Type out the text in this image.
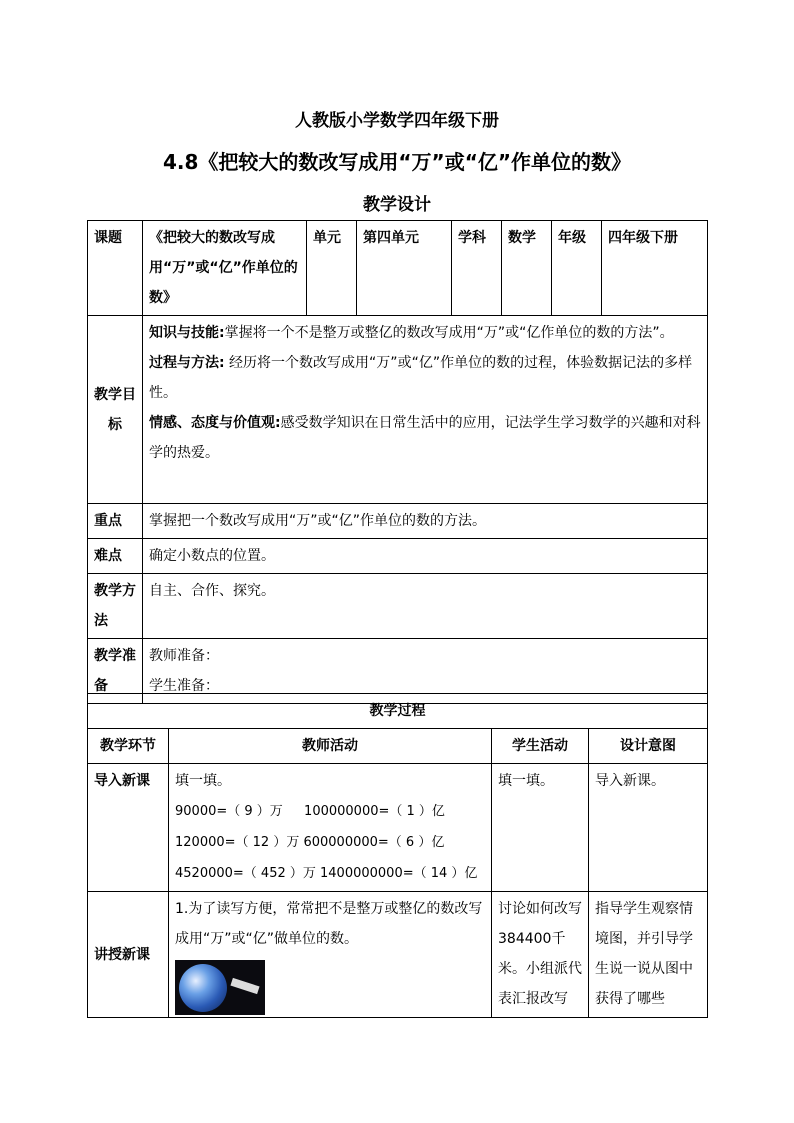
人教版小学数学四年级下册
4.8《把较大的数改写成用“万”或“亿”作单位的数》
教学设计
课题	《把较大的数改写成用“万”或“亿”作单位的数》	单元	第四单元	学科	数学	年级	四年级下册
教学目标	知识与技能:掌握将一个不是整万或整亿的数改写成用“万”或“亿作单位的数的方法”。
过程与方法: 经历将一个数改写成用“万”或“亿”作单位的数的过程，体验数据记法的多样性。
情感、态度与价值观:感受数学知识在日常生活中的应用，记法学生学习数学的兴趣和对科学的热爱。						

重点	掌握把一个数改写成用“万”或“亿”作单位的数的方法。						
难点	确定小数点的位置。						
教学方法	自主、合作、探究。						
教学准备	教师准备：
学生准备：						
教学过程			
教学环节	教师活动	学生活动	设计意图
导入新课	填一填。
90000=（ 9 ）万 　 100000000=（ 1 ）亿
120000=（ 12 ）万 600000000=（ 6 ）亿
4520000=（ 452 ）万 1400000000=（ 14 ）亿	填一填。	导入新课。
讲授新课	1.为了读写方便，常常把不是整万或整亿的数改写成用“万”或“亿”做单位的数。	讨论如何改写384400千米。小组派代表汇报改写	指导学生观察情境图，并引导学生说一说从图中获得了哪些
